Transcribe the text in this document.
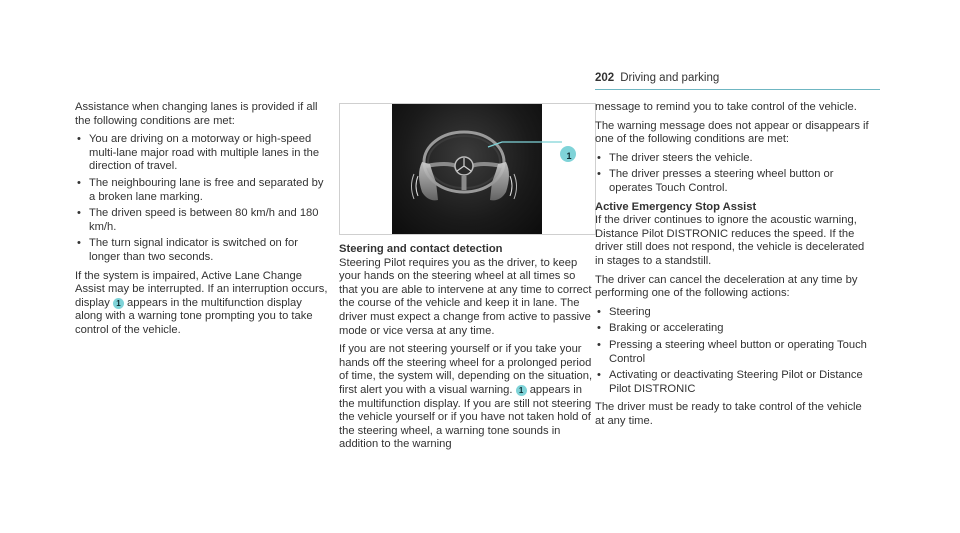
202 Driving and parking

Assistance when changing lanes is provided if all the following conditions are met:

• You are driving on a motorway or high-speed multi-lane major road with multiple lanes in the direction of travel.
• The neighbouring lane is free and separated by a broken lane marking.
• The driven speed is between 80 km/h and 180 km/h.
• The turn signal indicator is switched on for longer than two seconds.

If the system is impaired, Active Lane Change Assist may be interrupted. If an interruption occurs, display 1 appears in the multifunction display along with a warning tone prompting you to take control of the vehicle.

1

Steering and contact detection

Steering Pilot requires you as the driver, to keep your hands on the steering wheel at all times so that you are able to intervene at any time to correct the course of the vehicle and keep it in lane. The driver must expect a change from active to passive mode or vice versa at any time.

If you are not steering yourself or if you take your hands off the steering wheel for a prolonged period of time, the system will, depending on the situation, first alert you with a visual warning. 1 appears in the multifunction display. If you are still not steering the vehicle yourself or if you have not taken hold of the steering wheel, a warning tone sounds in addition to the warning

message to remind you to take control of the vehicle.

The warning message does not appear or disappears if one of the following conditions are met:

• The driver steers the vehicle.
• The driver presses a steering wheel button or operates Touch Control.

Active Emergency Stop Assist

If the driver continues to ignore the acoustic warning, Distance Pilot DISTRONIC reduces the speed. If the driver still does not respond, the vehicle is decelerated in stages to a standstill.

The driver can cancel the deceleration at any time by performing one of the following actions:

• Steering
• Braking or accelerating
• Pressing a steering wheel button or operating Touch Control
• Activating or deactivating Steering Pilot or Distance Pilot DISTRONIC

The driver must be ready to take control of the vehicle at any time.
